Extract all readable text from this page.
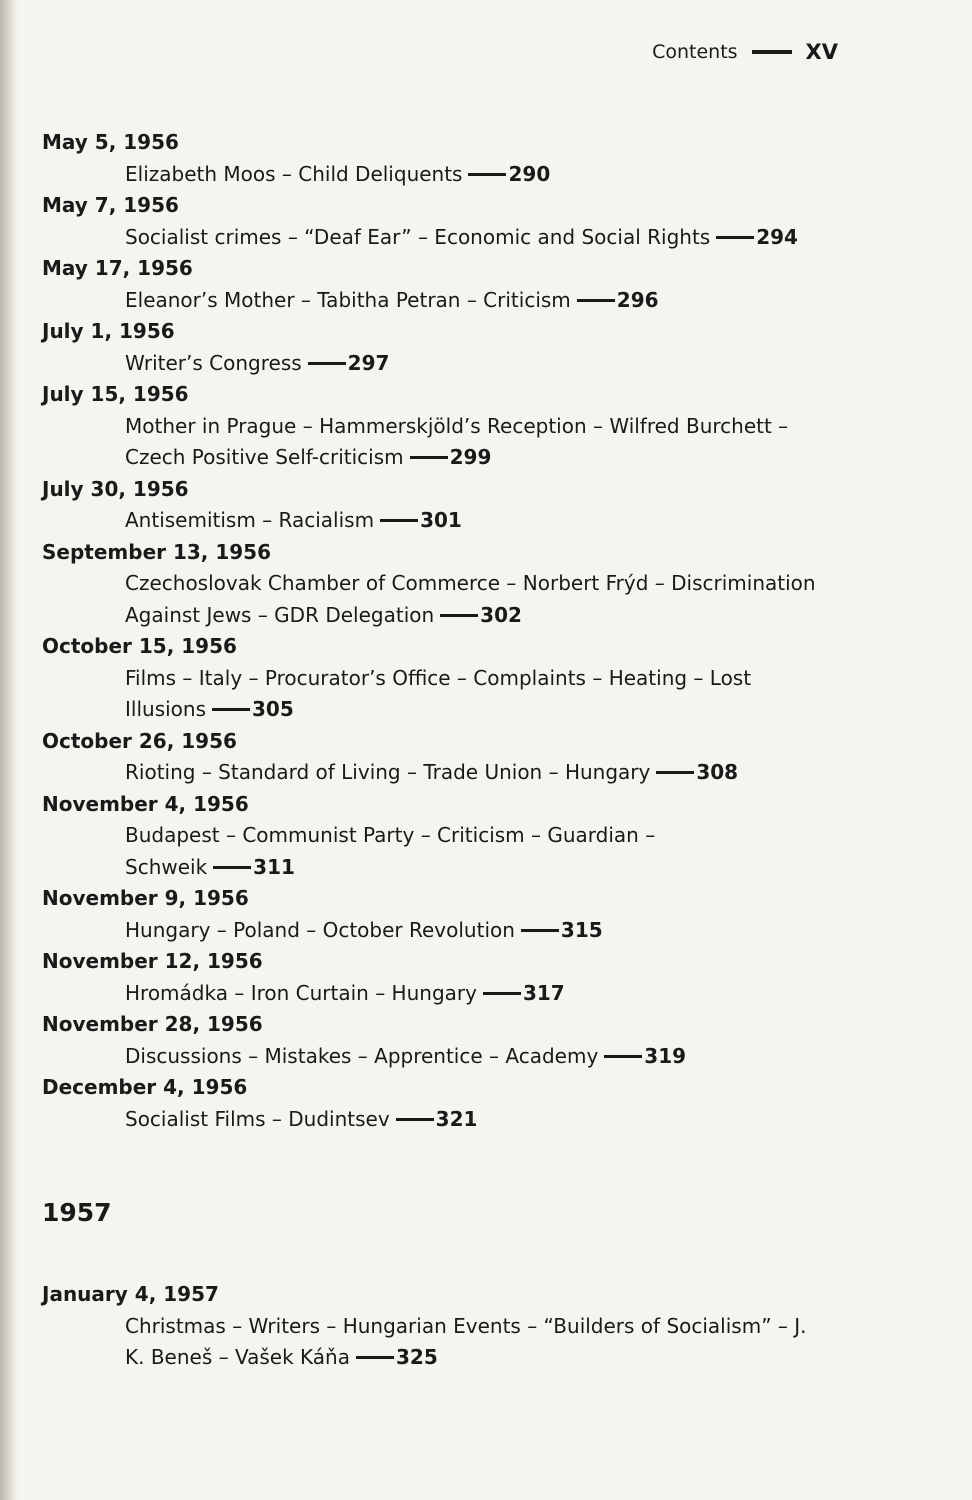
Contents	XV
May 5, 1956
Elizabeth Moos – Child Deliquents 290
May 7, 1956
Socialist crimes – “Deaf Ear” – Economic and Social Rights 294
May 17, 1956
Eleanor’s Mother – Tabitha Petran – Criticism 296
July 1, 1956
Writer’s Congress 297
July 15, 1956
Mother in Prague – Hammerskjöld’s Reception – Wilfred Burchett –
Czech Positive Self-criticism 299
July 30, 1956
Antisemitism – Racialism 301
September 13, 1956
Czechoslovak Chamber of Commerce – Norbert Frýd – Discrimination
Against Jews – GDR Delegation 302
October 15, 1956
Films – Italy – Procurator’s Office – Complaints – Heating – Lost
Illusions 305
October 26, 1956
Rioting – Standard of Living – Trade Union – Hungary 308
November 4, 1956
Budapest – Communist Party – Criticism – Guardian –
Schweik 311
November 9, 1956
Hungary – Poland – October Revolution 315
November 12, 1956
Hromádka – Iron Curtain – Hungary 317
November 28, 1956
Discussions – Mistakes – Apprentice – Academy 319
December 4, 1956
Socialist Films – Dudintsev 321
1957
January 4, 1957
Christmas – Writers – Hungarian Events – “Builders of Socialism” – J.
K. Beneš – Vašek Káňa 325
